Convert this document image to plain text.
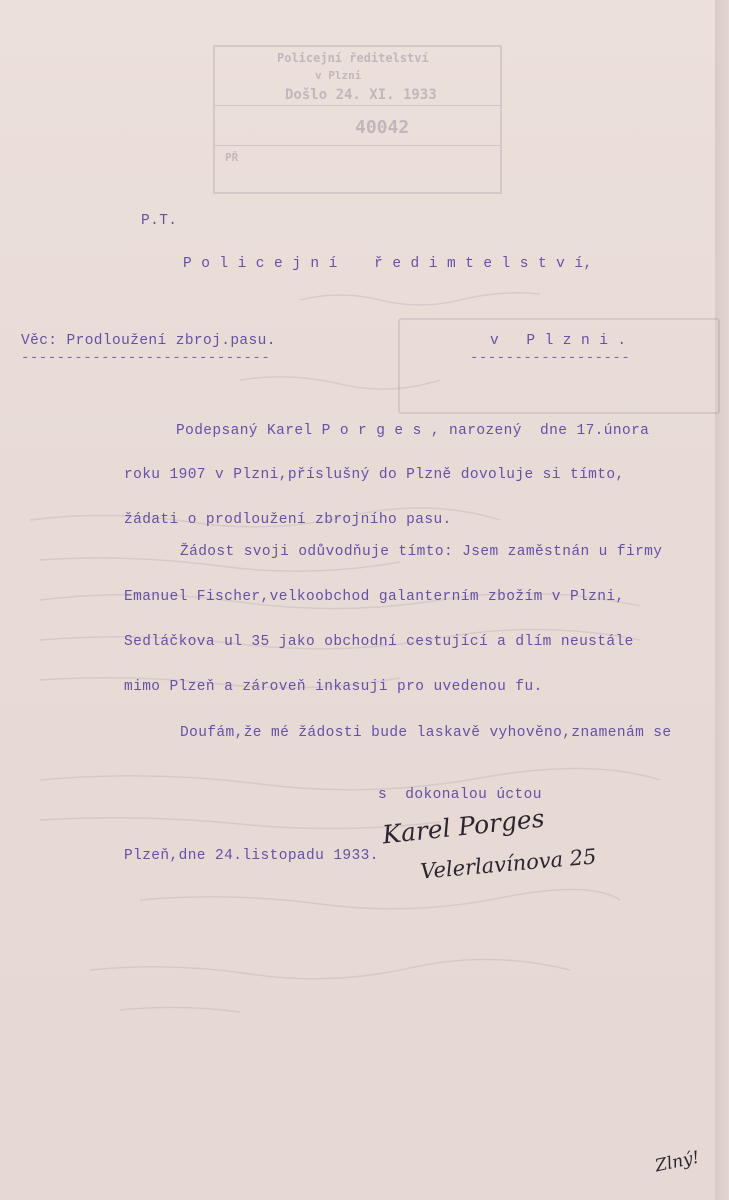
Policejní ředitelství
v Plzni
Došlo 24. XI. 1933
40042
PŘ
P.T.
P o l i c e j n í    ř e d i m t e l s t v í,
Věc: Prodloužení zbroj.pasu.
----------------------------
v   P l z n i .
------------------
Podepsaný Karel P o r g e s , narozený  dne 17.února
roku 1907 v Plzni,příslušný do Plzně dovoluje si tímto,
žádati o prodloužení zbrojního pasu.
Žádost svoji odůvodňuje tímto: Jsem zaměstnán u firmy
Emanuel Fischer,velkoobchod galanterním zbožím v Plzni,
Sedláčkova ul 35 jako obchodní cestující a dlím neustále
mimo Plzeň a zároveň inkasuji pro uvedenou fu.
Doufám,že mé žádosti bude laskavě vyhověno,znamenám se
s  dokonalou úctou
Plzeň,dne 24.listopadu 1933.
Karel Porges
Velerlavínova 25
Zlný!
